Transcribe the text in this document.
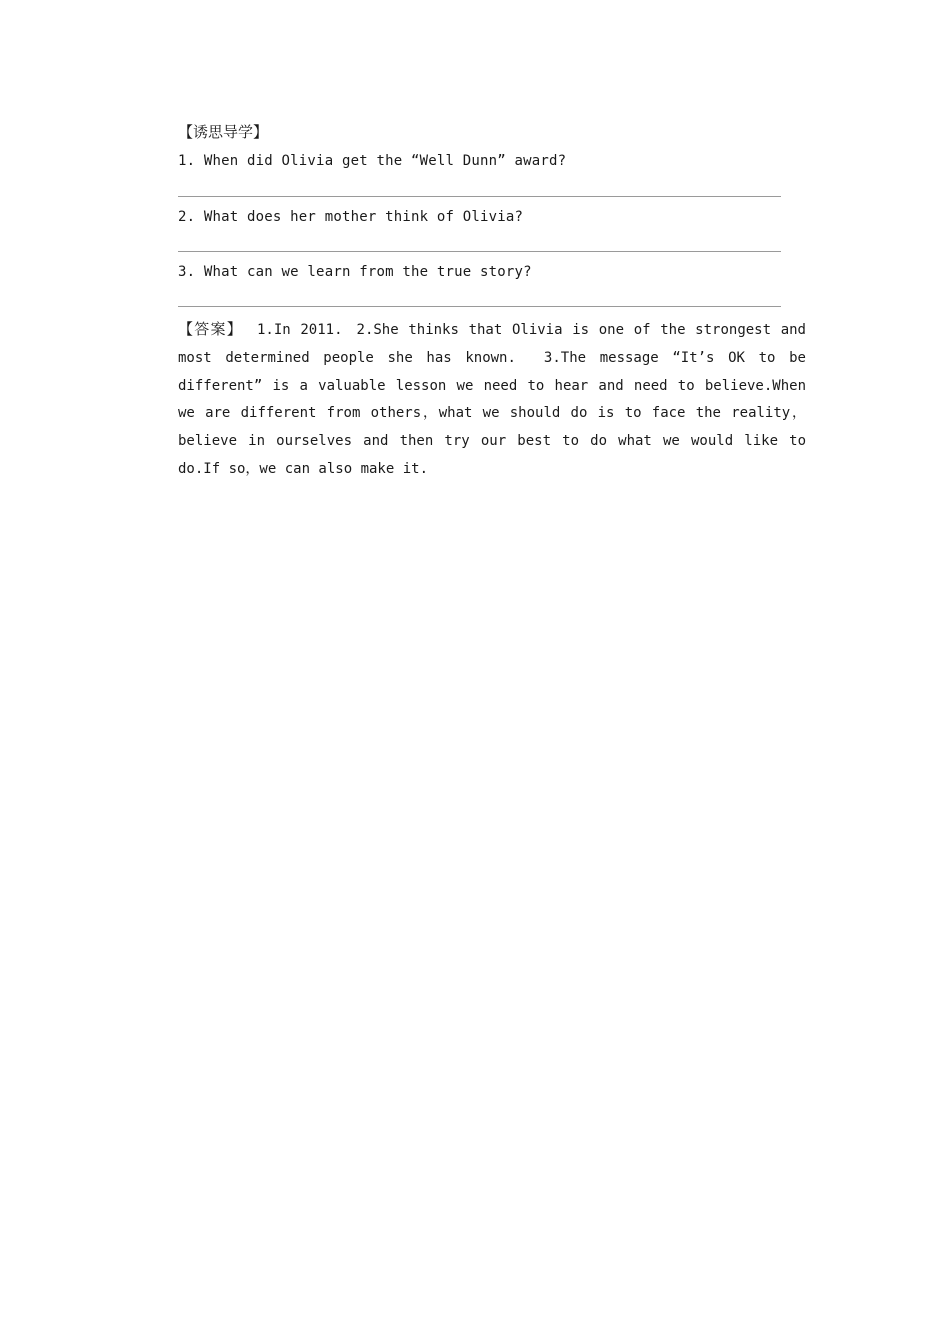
【诱思导学】
1. When did Olivia get the “Well Dunn” award?
2. What does her mother think of Olivia?
3. What can we learn from the true story?
【答案】 1.In 2011. 2.She thinks that Olivia is one of the strongest and most determined people she has known. 3.The message “It’s OK to be different” is a valuable lesson we need to hear and need to believe.When we are different from others，what we should do is to face the reality，believe in ourselves and then try our best to do what we would like to do.If so，we can also make it.
